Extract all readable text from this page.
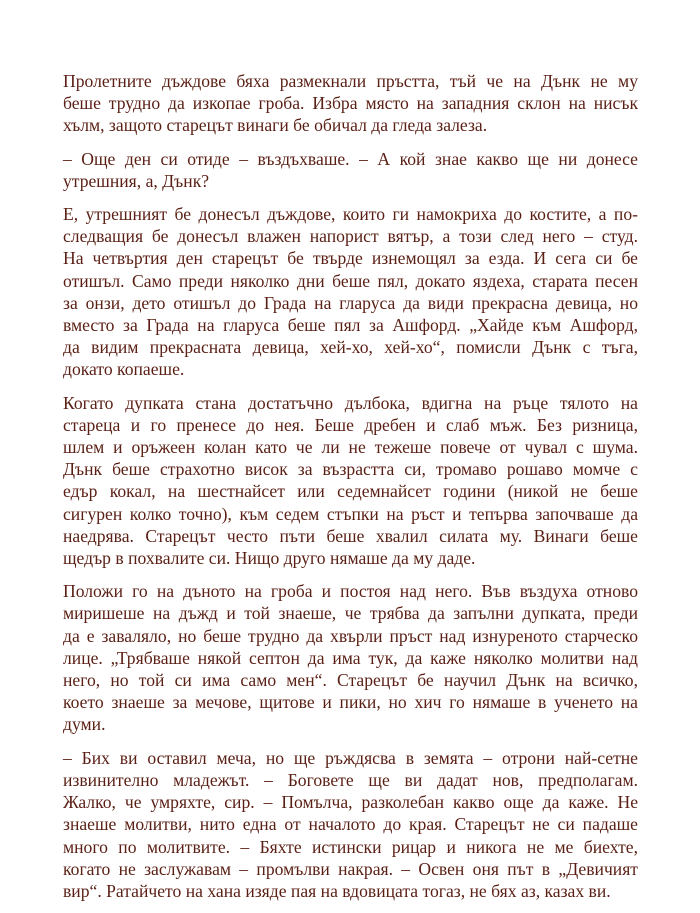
Пролетните дъждове бяха размекнали пръстта, тъй че на Дънк не му
беше трудно да изкопае гроба. Избра място на западния склон на нисък
хълм, защото старецът винаги бе обичал да гледа залеза.

– Още ден си отиде – въздъхваше. – А кой знае какво ще ни донесе
утрешния, а, Дънк?

Е, утрешният бе донесъл дъждове, които ги намокриха до костите, а по-
следващия бе донесъл влажен напорист вятър, а този след него – студ.
На четвъртия ден старецът бе твърде изнемощял за езда. И сега си бе
отишъл. Само преди няколко дни беше пял, докато яздеха, старата песен
за онзи, дето отишъл до Града на глaруса да види прекрасна девица, но
вместо за Града на глaруса беше пял за Ашфорд. „Хайде към Ашфорд,
да видим прекрасната девица, хей-хо, хей-хо“, помисли Дънк с тъга,
докато копаеше.

Когато дупката стана достатъчно дълбока, вдигна на ръце тялото на
стареца и го пренесе до нея. Беше дребен и слаб мъж. Без ризница,
шлем и оръжеен колан като че ли не тежеше повече от чувал с шума.
Дънк беше страхотно висок за възрастта си, тромаво рошаво момче с
едър кокал, на шестнайсет или седемнайсет години (никой не беше
сигурен колко точно), към седем стъпки на ръст и тепърва започваше да
наедрява. Старецът често пъти беше хвалил силата му. Винаги беше
щедър в похвалите си. Нищо друго нямаше да му даде.

Положи го на дъното на гроба и постоя над него. Във въздуха отново
миришеше на дъжд и той знаеше, че трябва да запълни дупката, преди
да е заваляло, но беше трудно да хвърли пръст над изнуреното старческо
лице. „Трябваше някой септон да има тук, да каже няколко молитви над
него, но той си има само мен“. Старецът бе научил Дънк на всичко,
което знаеше за мечове, щитове и пики, но хич го нямаше в ученето на
думи.

– Бих ви оставил меча, но ще ръждясва в земята – отрони най-сетне
извинително младежът. – Боговете ще ви дадат нов, предполагам.
Жалко, че умряхте, сир. – Помълча, разколебан какво още да каже. Не
знаеше молитви, нито една от началото до края. Старецът не си падаше
много по молитвите. – Бяхте истински рицар и никога не ме биехте,
когато не заслужавам – промълви накрая. – Освен оня път в „Девичият
вир“. Ратайчето на хана изяде пая на вдовицата тогаз, не бях аз, казах ви.
